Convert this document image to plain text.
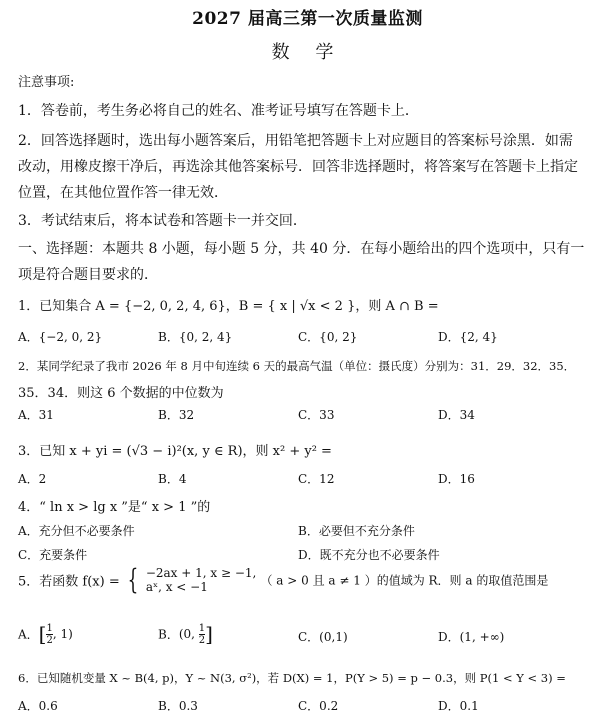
2027 届高三第一次质量监测
数 学
注意事项:
1．答卷前，考生务必将自己的姓名、准考证号填写在答题卡上．
2．回答选择题时，选出每小题答案后，用铅笔把答题卡上对应题目的答案标号涂黑．如需
改动，用橡皮擦干净后，再选涂其他答案标号．回答非选择题时，将答案写在答题卡上指定
位置，在其他位置作答一律无效．
3．考试结束后，将本试卷和答题卡一并交回．
一、选择题：本题共 8 小题，每小题 5 分，共 40 分．在每小题给出的四个选项中，只有一
项是符合题目要求的．
1．已知集合 A = {−2, 0, 2, 4, 6}，B = { x | √x < 2 }，则 A ∩ B =
A．{−2, 0, 2}	B．{0, 2, 4}	C．{0, 2}	D．{2, 4}
2．某同学纪录了我市 2026 年 8 月中旬连续 6 天的最高气温（单位：摄氏度）分别为：31．29．32．35．
35．34．则这 6 个数据的中位数为
A．31	B．32	C．33	D．34
3．已知 x + yi = (√3 − i)²(x, y ∈ R)，则 x² + y² =
A．2	B．4	C．12	D．16
4．“ ln x > lg x ”是“ x > 1 ”的
A．充分但不必要条件	B．必要但不充分条件
C．充要条件	D．既不充分也不必要条件
5．若函数 f(x) = { −2ax + 1, x ≥ −1,
aˣ, x < −1	（ a > 0 且 a ≠ 1 ）的值域为 R．则 a 的取值范围是
A．[ $\frac{1}{2}$ , 1)	B．(0, $\frac{1}{2}$ ]	C．(0,1)	D．(1, +∞)
6．已知随机变量 X ~ B(4, p)，Y ~ N(3, σ²)，若 D(X) = 1，P(Y > 5) = p − 0.3，则 P(1 < Y < 3) =
A．0.6	B．0.3	C．0.2	D．0.1
